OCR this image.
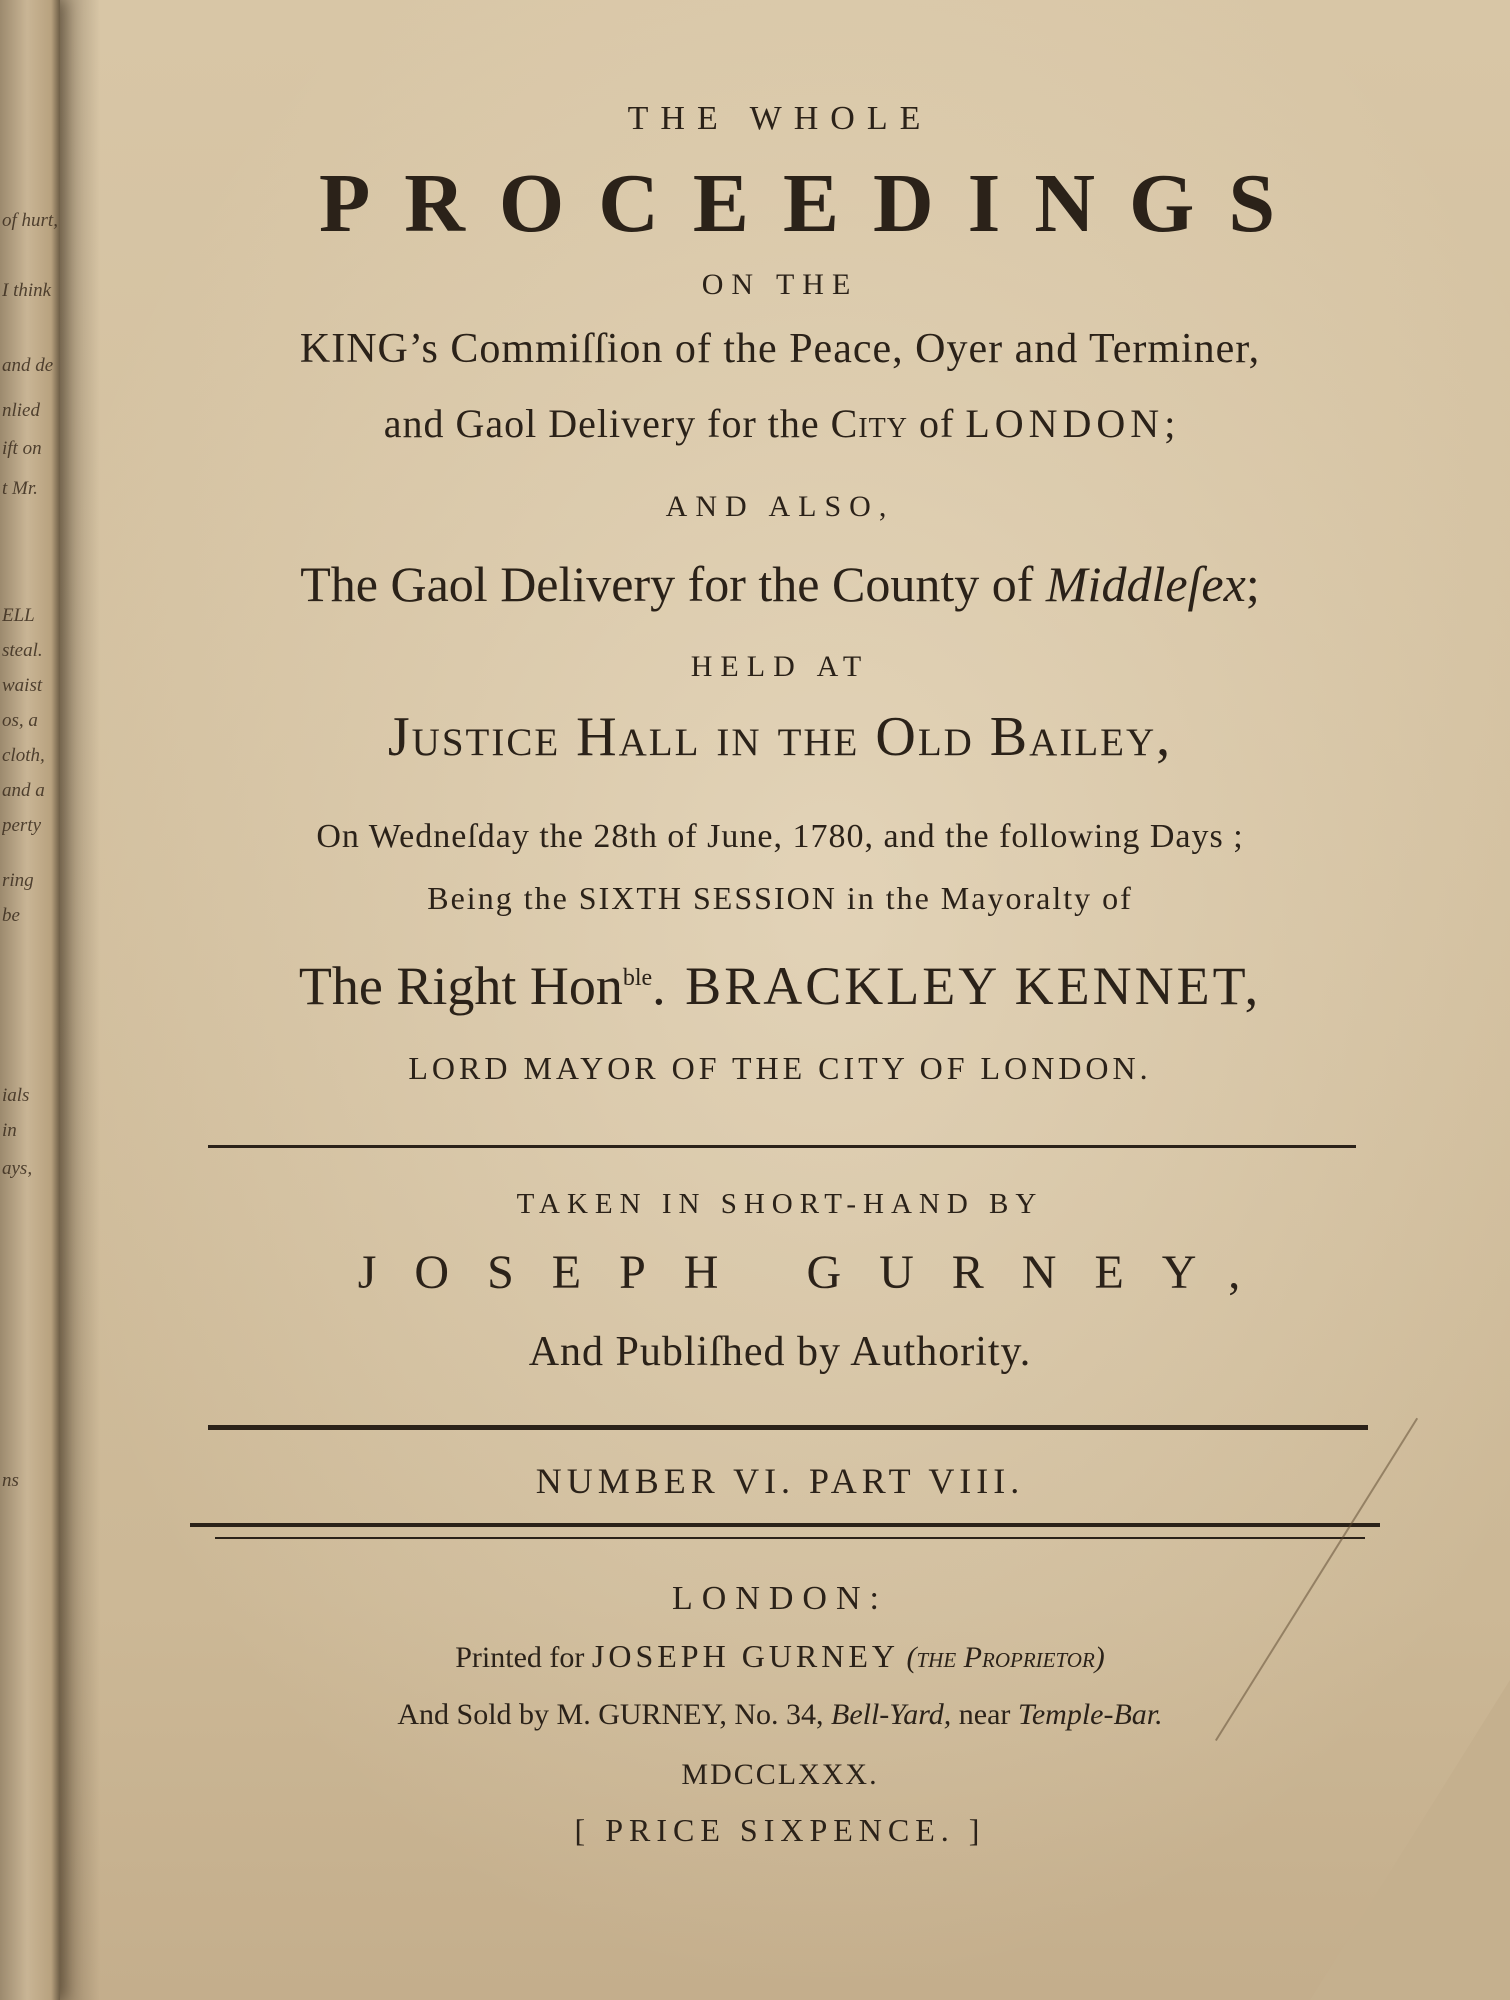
of hurt,
I think
and de
nlied
ift on
t Mr.
ELL
steal.
waist
os, a
cloth,
and a
perty
ring
be
ials
in
ays,
ns
THE WHOLE
PROCEEDINGS
ON THE
KING’s Commiſſion of the Peace, Oyer and Terminer,
and Gaol Delivery for the City of LONDON;
AND ALSO,
The Gaol Delivery for the County of Middleſex;
HELD AT
Justice Hall in the Old Bailey,
On Wedneſday the 28th of June, 1780, and the following Days ;
Being the SIXTH SESSION in the Mayoralty of
The Right Hon$^{ble}$. BRACKLEY KENNET,
LORD MAYOR OF THE CITY OF LONDON.
TAKEN IN SHORT-HAND BY
JOSEPH GURNEY,
And Publiſhed by Authority.
NUMBER VI. PART VIII.
LONDON:
Printed for JOSEPH GURNEY (the Proprietor)
And Sold by M. GURNEY, No. 34, Bell-Yard, near Temple-Bar.
MDCCLXXX.
[ PRICE SIXPENCE. ]
